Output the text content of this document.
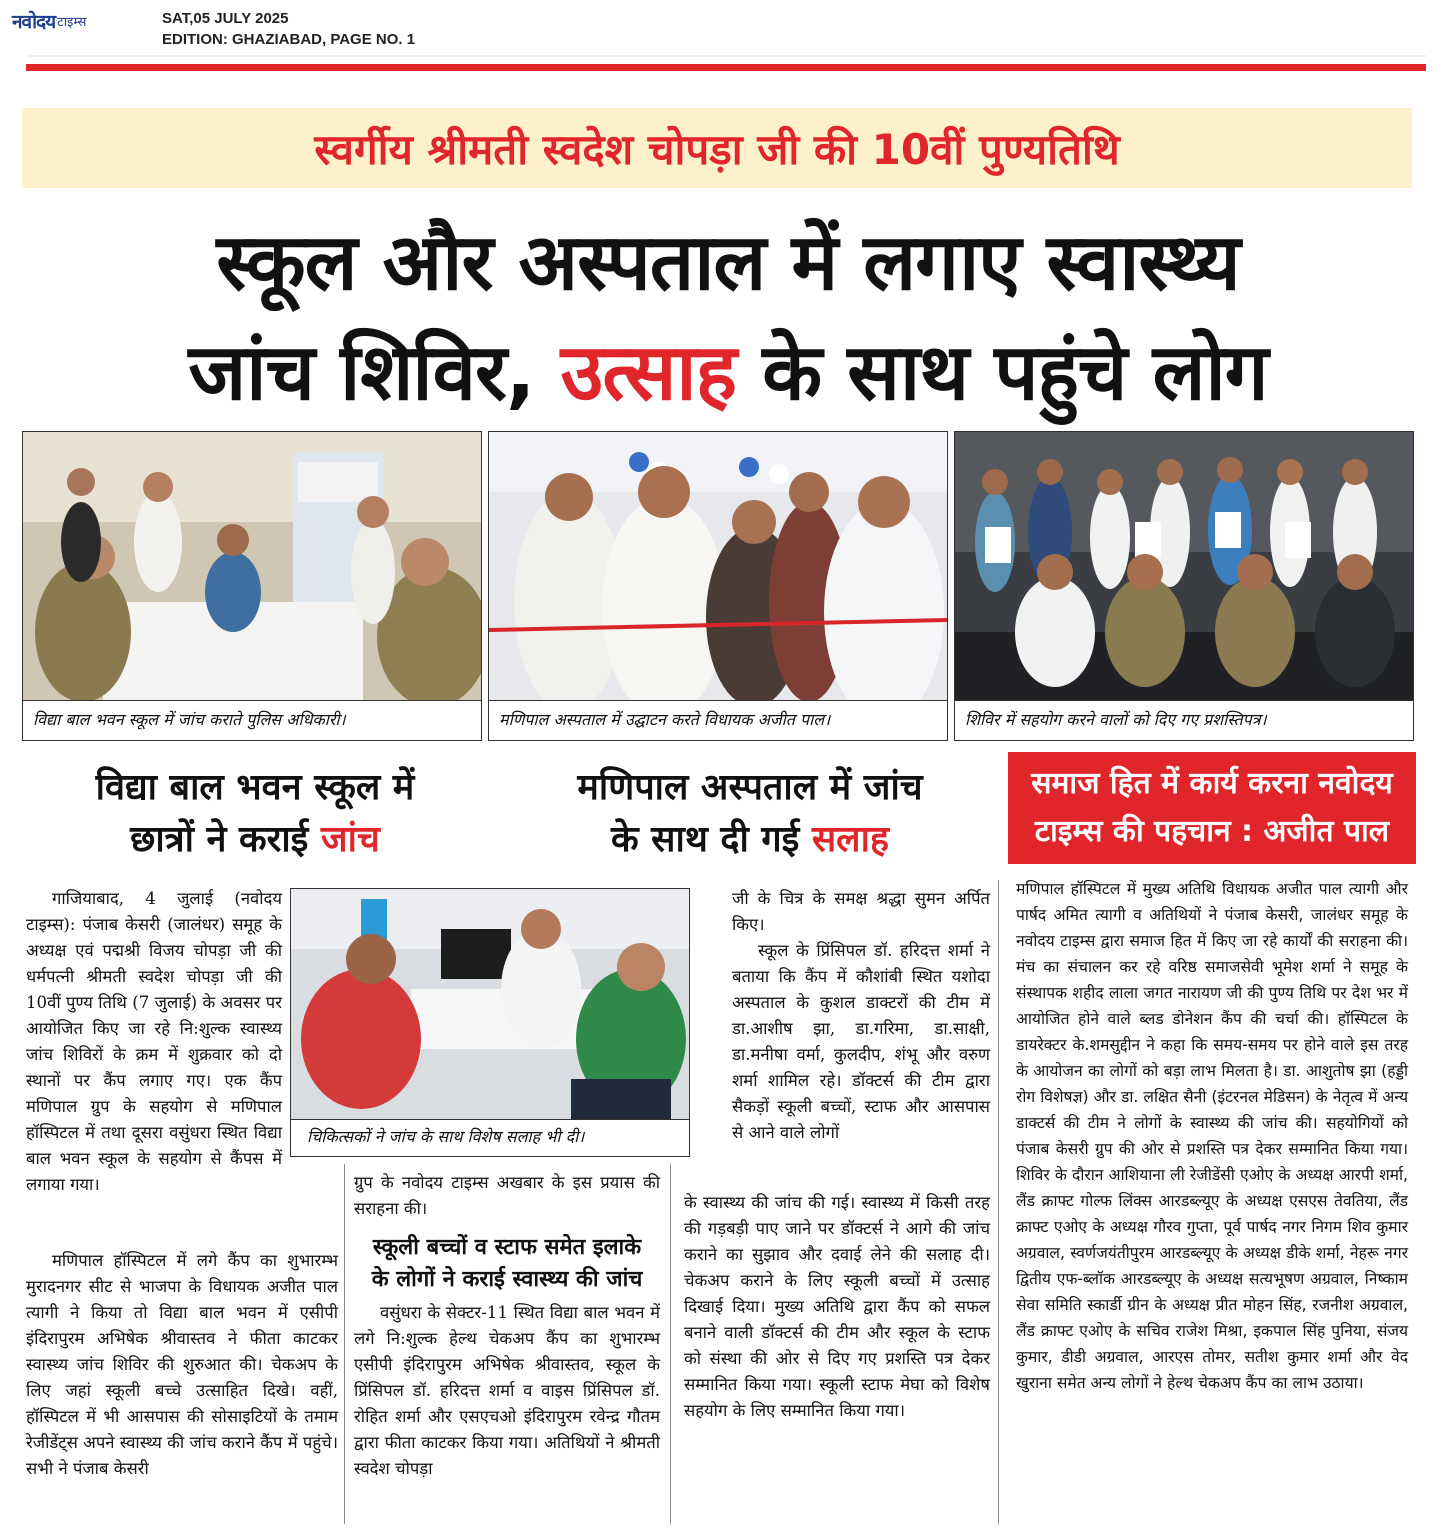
नवोदय टाइम्स	SAT,05 JULY 2025
EDITION: GHAZIABAD, PAGE NO. 1
स्वर्गीय श्रीमती स्वदेश चोपड़ा जी की 10वीं पुण्यतिथि
स्कूल और अस्पताल में लगाए स्वास्थ्य
जांच शिविर, उत्साह के साथ पहुंचे लोग
विद्या बाल भवन स्कूल में जांच कराते पुलिस अधिकारी।	मणिपाल अस्पताल में उद्घाटन करते विधायक अजीत पाल।	शिविर में सहयोग करने वालों को दिए गए प्रशस्तिपत्र।
विद्या बाल भवन स्कूल में
छात्रों ने कराई जांच
मणिपाल अस्पताल में जांच
के साथ दी गई सलाह
समाज हित में कार्य करना नवोदय
टाइम्स की पहचान : अजीत पाल
चिकित्सकों ने जांच के साथ विशेष सलाह भी दी।

गाजियाबाद, 4 जुलाई (नवोदय टाइम्स): पंजाब केसरी (जालंधर) समूह के अध्यक्ष एवं पद्मश्री विजय चोपड़ा जी की धर्मपत्नी श्रीमती स्वदेश चोपड़ा जी की 10वीं पुण्य तिथि (7 जुलाई) के अवसर पर आयोजित किए जा रहे नि:शुल्क स्वास्थ्य जांच शिविरों के क्रम में शुक्रवार को दो स्थानों पर कैंप लगाए गए। एक कैंप मणिपाल ग्रुप के सहयोग से मणिपाल हॉस्पिटल में तथा दूसरा वसुंधरा स्थित विद्या बाल भवन स्कूल के सहयोग से कैंपस में लगाया गया।

मणिपाल हॉस्पिटल में लगे कैंप का शुभारम्भ मुरादनगर सीट से भाजपा के विधायक अजीत पाल त्यागी ने किया तो विद्या बाल भवन में एसीपी इंदिरापुरम अभिषेक श्रीवास्तव ने फीता काटकर स्वास्थ्य जांच शिविर की शुरुआत की। चेकअप के लिए जहां स्कूली बच्चे उत्साहित दिखे। वहीं, हॉस्पिटल में भी आसपास की सोसाइटियों के तमाम रेजीडेंट्स अपने स्वास्थ्य की जांच कराने कैंप में पहुंचे। सभी ने पंजाब केसरी

ग्रुप के नवोदय टाइम्स अखबार के इस प्रयास की सराहना की।

स्कूली बच्चों व स्टाफ समेत इलाके
के लोगों ने कराई स्वास्थ्य की जांच

वसुंधरा के सेक्टर-11 स्थित विद्या बाल भवन में लगे नि:शुल्क हेल्थ चेकअप कैंप का शुभारम्भ एसीपी इंदिरापुरम अभिषेक श्रीवास्तव, स्कूल के प्रिंसिपल डॉ. हरिदत्त शर्मा व वाइस प्रिंसिपल डॉ. रोहित शर्मा और एसएचओ इंदिरापुरम रवेन्द्र गौतम द्वारा फीता काटकर किया गया। अतिथियों ने श्रीमती स्वदेश चोपड़ा

जी के चित्र के समक्ष श्रद्धा सुमन अर्पित किए।

स्कूल के प्रिंसिपल डॉ. हरिदत्त शर्मा ने बताया कि कैंप में कौशांबी स्थित यशोदा अस्पताल के कुशल डाक्टरों की टीम में डा.आशीष झा, डा.गरिमा, डा.साक्षी, डा.मनीषा वर्मा, कुलदीप, शंभू और वरुण शर्मा शामिल रहे। डॉक्टर्स की टीम द्वारा सैकड़ों स्कूली बच्चों, स्टाफ और आसपास से आने वाले लोगों

के स्वास्थ्य की जांच की गई। स्वास्थ्य में किसी तरह की गड़बड़ी पाए जाने पर डॉक्टर्स ने आगे की जांच कराने का सुझाव और दवाई लेने की सलाह दी। चेकअप कराने के लिए स्कूली बच्चों में उत्साह दिखाई दिया। मुख्य अतिथि द्वारा कैंप को सफल बनाने वाली डॉक्टर्स की टीम और स्कूल के स्टाफ को संस्था की ओर से दिए गए प्रशस्ति पत्र देकर सम्मानित किया गया। स्कूली स्टाफ मेघा को विशेष सहयोग के लिए सम्मानित किया गया।

मणिपाल हॉस्पिटल में मुख्य अतिथि विधायक अजीत पाल त्यागी और पार्षद अमित त्यागी व अतिथियों ने पंजाब केसरी, जालंधर समूह के नवोदय टाइम्स द्वारा समाज हित में किए जा रहे कार्यों की सराहना की। मंच का संचालन कर रहे वरिष्ठ समाजसेवी भूमेश शर्मा ने समूह के संस्थापक शहीद लाला जगत नारायण जी की पुण्य तिथि पर देश भर में आयोजित होने वाले ब्लड डोनेशन कैंप की चर्चा की। हॉस्पिटल के डायरेक्टर के.शमसुद्दीन ने कहा कि समय-समय पर होने वाले इस तरह के आयोजन का लोगों को बड़ा लाभ मिलता है। डा. आशुतोष झा (हड्डी रोग विशेषज्ञ) और डा. लक्षित सैनी (इंटरनल मेडिसन) के नेतृत्व में अन्य डाक्टर्स की टीम ने लोगों के स्वास्थ्य की जांच की। सहयोगियों को पंजाब केसरी ग्रुप की ओर से प्रशस्ति पत्र देकर सम्मानित किया गया। शिविर के दौरान आशियाना ली रेजीडेंसी एओए के अध्यक्ष आरपी शर्मा, लैंड क्राफ्ट गोल्फ लिंक्स आरडब्ल्यूए के अध्यक्ष एसएस तेवतिया, लैंड क्राफ्ट एओए के अध्यक्ष गौरव गुप्ता, पूर्व पार्षद नगर निगम शिव कुमार अग्रवाल, स्वर्णजयंतीपुरम आरडब्ल्यूए के अध्यक्ष डीके शर्मा, नेहरू नगर द्वितीय एफ-ब्लॉक आरडब्ल्यूए के अध्यक्ष सत्यभूषण अग्रवाल, निष्काम सेवा समिति स्कार्डी ग्रीन के अध्यक्ष प्रीत मोहन सिंह, रजनीश अग्रवाल, लैंड क्राफ्ट एओए के सचिव राजेश मिश्रा, इकपाल सिंह पुनिया, संजय कुमार, डीडी अग्रवाल, आरएस तोमर, सतीश कुमार शर्मा और वेद खुराना समेत अन्य लोगों ने हेल्थ चेकअप कैंप का लाभ उठाया।
